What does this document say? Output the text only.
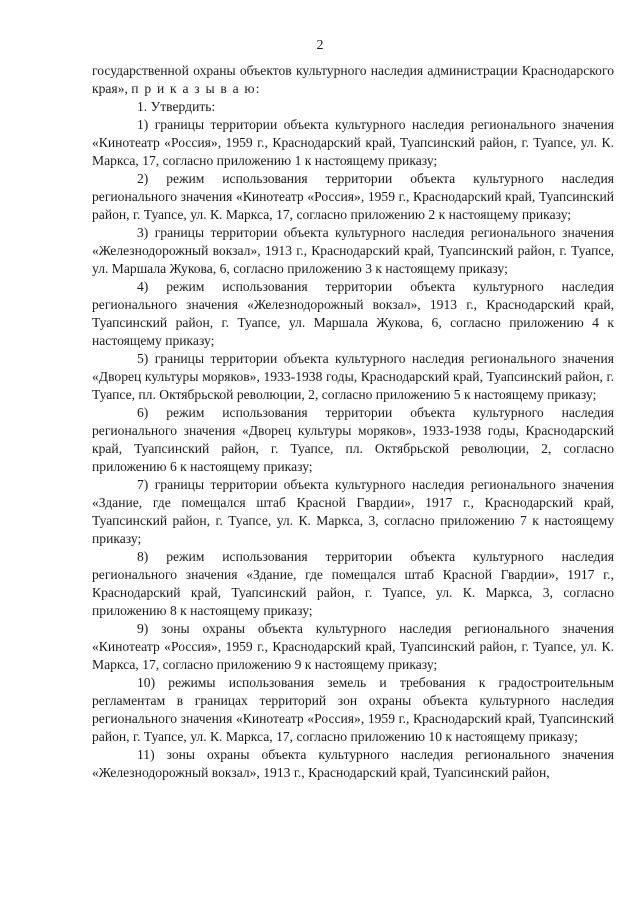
2

государственной охраны объектов культурного наследия администрации Краснодарского края», п р и к а з ы в а ю:

1. Утвердить:

1) границы территории объекта культурного наследия регионального значения «Кинотеатр «Россия», 1959 г., Краснодарский край, Туапсинский район, г. Туапсе, ул. К. Маркса, 17, согласно приложению 1 к настоящему приказу;

2) режим использования территории объекта культурного наследия регионального значения «Кинотеатр «Россия», 1959 г., Краснодарский край, Туапсинский район, г. Туапсе, ул. К. Маркса, 17, согласно приложению 2 к настоящему приказу;

3) границы территории объекта культурного наследия регионального значения «Железнодорожный вокзал», 1913 г., Краснодарский край, Туапсинский район, г. Туапсе, ул. Маршала Жукова, 6, согласно приложению 3 к настоящему приказу;

4) режим использования территории объекта культурного наследия регионального значения «Железнодорожный вокзал», 1913 г., Краснодарский край, Туапсинский район, г. Туапсе, ул. Маршала Жукова, 6, согласно приложению 4 к настоящему приказу;

5) границы территории объекта культурного наследия регионального значения «Дворец культуры моряков», 1933-1938 годы, Краснодарский край, Туапсинский район, г. Туапсе, пл. Октябрьской революции, 2, согласно приложению 5 к настоящему приказу;

6) режим использования территории объекта культурного наследия регионального значения «Дворец культуры моряков», 1933-1938 годы, Краснодарский край, Туапсинский район, г. Туапсе, пл. Октябрьской революции, 2, согласно приложению 6 к настоящему приказу;

7) границы территории объекта культурного наследия регионального значения «Здание, где помещался штаб Красной Гвардии», 1917 г., Краснодарский край, Туапсинский район, г. Туапсе, ул. К. Маркса, 3, согласно приложению 7 к настоящему приказу;

8) режим использования территории объекта культурного наследия регионального значения «Здание, где помещался штаб Красной Гвардии», 1917 г., Краснодарский край, Туапсинский район, г. Туапсе, ул. К. Маркса, 3, согласно приложению 8 к настоящему приказу;

9) зоны охраны объекта культурного наследия регионального значения «Кинотеатр «Россия», 1959 г., Краснодарский край, Туапсинский район, г. Туапсе, ул. К. Маркса, 17, согласно приложению 9 к настоящему приказу;

10) режимы использования земель и требования к градостроительным регламентам в границах территорий зон охраны объекта культурного наследия регионального значения «Кинотеатр «Россия», 1959 г., Краснодарский край, Туапсинский район, г. Туапсе, ул. К. Маркса, 17, согласно приложению 10 к настоящему приказу;

11) зоны охраны объекта культурного наследия регионального значения «Железнодорожный вокзал», 1913 г., Краснодарский край, Туапсинский район,
